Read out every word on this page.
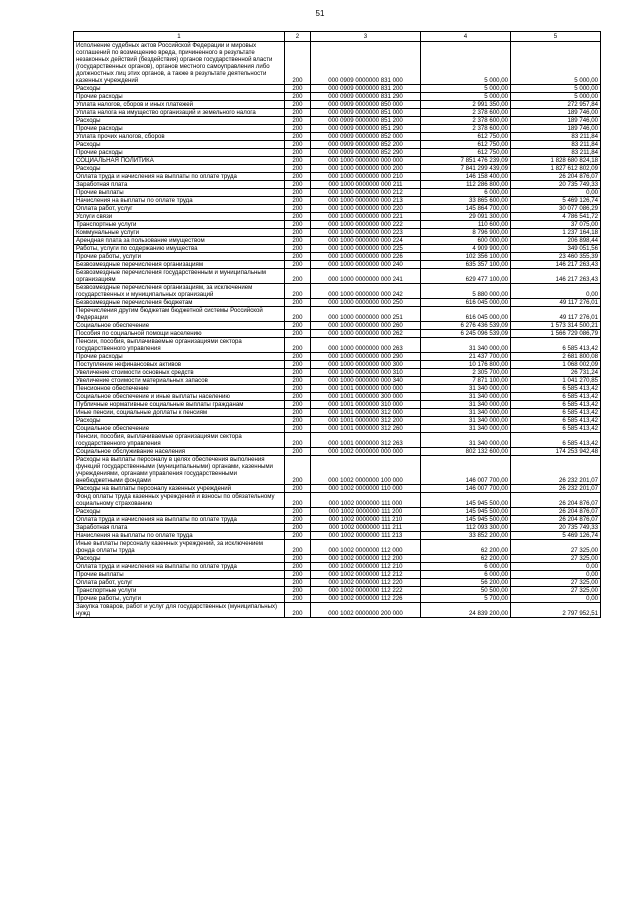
51
1	2	3	4	5

Исполнение судебных актов Российской Федерации и мировых соглашений по возмещению вреда, причиненного в результате незаконных действий (бездействия) органов государственной власти (государственных органов), органов местного самоуправления либо должностных лиц этих органов, а также в результате деятельности казенных учреждений	200	000 0909 0000000 831 000	5 000,00	5 000,00

Расходы	200	000 0909 0000000 831 200	5 000,00	5 000,00

Прочие расходы	200	000 0909 0000000 831 290	5 000,00	5 000,00

Уплата налогов, сборов и иных платежей	200	000 0909 0000000 850 000	2 991 350,00	272 957,84

Уплата налога на имущество организаций и земельного налога	200	000 0909 0000000 851 000	2 378 600,00	189 746,00

Расходы	200	000 0909 0000000 851 200	2 378 600,00	189 746,00

Прочие расходы	200	000 0909 0000000 851 290	2 378 600,00	189 746,00

Уплата прочих налогов, сборов	200	000 0909 0000000 852 000	612 750,00	83 211,84

Расходы	200	000 0909 0000000 852 200	612 750,00	83 211,84

Прочие расходы	200	000 0909 0000000 852 290	612 750,00	83 211,84

СОЦИАЛЬНАЯ ПОЛИТИКА	200	000 1000 0000000 000 000	7 851 476 239,09	1 828 680 824,18

Расходы	200	000 1000 0000000 000 200	7 841 299 439,09	1 827 612 802,09

Оплата труда и начисления на выплаты по оплате труда	200	000 1000 0000000 000 210	146 158 400,00	26 204 876,07

Заработная плата	200	000 1000 0000000 000 211	112 286 800,00	20 735 749,33

Прочие выплаты	200	000 1000 0000000 000 212	6 000,00	0,00

Начисления на выплаты по оплате труда	200	000 1000 0000000 000 213	33 865 600,00	5 469 126,74

Оплата работ, услуг	200	000 1000 0000000 000 220	145 864 700,00	30 077 086,29

Услуги связи	200	000 1000 0000000 000 221	29 091 300,00	4 786 541,72

Транспортные услуги	200	000 1000 0000000 000 222	110 600,00	37 075,00

Коммунальные услуги	200	000 1000 0000000 000 223	8 796 900,00	1 237 164,18

Арендная плата за пользование имуществом	200	000 1000 0000000 000 224	600 000,00	206 898,44

Работы, услуги по содержанию имущества	200	000 1000 0000000 000 225	4 909 900,00	349 051,56

Прочие работы, услуги	200	000 1000 0000000 000 226	102 356 100,00	23 460 355,39

Безвозмездные перечисления организациям	200	000 1000 0000000 000 240	635 357 100,00	146 217 263,43

Безвозмездные перечисления государственным и муниципальным организациям	200	000 1000 0000000 000 241	629 477 100,00	146 217 263,43

Безвозмездные перечисления организациям, за исключением государственных и муниципальных организаций	200	000 1000 0000000 000 242	5 880 000,00	0,00

Безвозмездные перечисления бюджетам	200	000 1000 0000000 000 250	616 045 000,00	49 117 276,01

Перечисления другим бюджетам бюджетной системы Российской Федерации	200	000 1000 0000000 000 251	616 045 000,00	49 117 276,01

Социальное обеспечение	200	000 1000 0000000 000 260	6 276 436 539,09	1 573 314 500,21

Пособия по социальной помощи населению	200	000 1000 0000000 000 262	6 245 096 539,09	1 566 729 086,79

Пенсии, пособия, выплачиваемые организациями сектора государственного управления	200	000 1000 0000000 000 263	31 340 000,00	6 585 413,42

Прочие расходы	200	000 1000 0000000 000 290	21 437 700,00	2 681 800,08

Поступление нефинансовых активов	200	000 1000 0000000 000 300	10 176 800,00	1 068 002,09

Увеличение стоимости основных средств	200	000 1000 0000000 000 310	2 305 700,00	26 731,24

Увеличение стоимости материальных запасов	200	000 1000 0000000 000 340	7 871 100,00	1 041 270,85

Пенсионное обеспечение	200	000 1001 0000000 000 000	31 340 000,00	6 585 413,42

Социальное обеспечение и иные выплаты населению	200	000 1001 0000000 300 000	31 340 000,00	6 585 413,42

Публичные нормативные социальные выплаты гражданам	200	000 1001 0000000 310 000	31 340 000,00	6 585 413,42

Иные пенсии, социальные доплаты к пенсиям	200	000 1001 0000000 312 000	31 340 000,00	6 585 413,42

Расходы	200	000 1001 0000000 312 200	31 340 000,00	6 585 413,42

Социальное обеспечение	200	000 1001 0000000 312 260	31 340 000,00	6 585 413,42

Пенсии, пособия, выплачиваемые организациями сектора государственного управления	200	000 1001 0000000 312 263	31 340 000,00	6 585 413,42

Социальное обслуживание населения	200	000 1002 0000000 000 000	802 132 600,00	174 253 942,48

Расходы на выплаты персоналу в целях обеспечения выполнения функций государственными (муниципальными) органами, казенными учреждениями, органами управления государственными внебюджетными фондами	200	000 1002 0000000 100 000	146 007 700,00	26 232 201,07

Расходы на выплаты персоналу казенных учреждений	200	000 1002 0000000 110 000	146 007 700,00	26 232 201,07

Фонд оплаты труда казенных учреждений и взносы по обязательному социальному страхованию	200	000 1002 0000000 111 000	145 945 500,00	26 204 876,07

Расходы	200	000 1002 0000000 111 200	145 945 500,00	26 204 876,07

Оплата труда и начисления на выплаты по оплате труда	200	000 1002 0000000 111 210	145 945 500,00	26 204 876,07

Заработная плата	200	000 1002 0000000 111 211	112 093 300,00	20 735 749,33

Начисления на выплаты по оплате труда	200	000 1002 0000000 111 213	33 852 200,00	5 469 126,74

Иные выплаты персоналу казенных учреждений, за исключением фонда оплаты труда	200	000 1002 0000000 112 000	62 200,00	27 325,00

Расходы	200	000 1002 0000000 112 200	62 200,00	27 325,00

Оплата труда и начисления на выплаты по оплате труда	200	000 1002 0000000 112 210	6 000,00	0,00

Прочие выплаты	200	000 1002 0000000 112 212	6 000,00	0,00

Оплата работ, услуг	200	000 1002 0000000 112 220	56 200,00	27 325,00

Транспортные услуги	200	000 1002 0000000 112 222	50 500,00	27 325,00

Прочие работы, услуги	200	000 1002 0000000 112 226	5 700,00	0,00

Закупка товаров, работ и услуг для государственных (муниципальных) нужд	200	000 1002 0000000 200 000	24 839 200,00	2 797 952,51
